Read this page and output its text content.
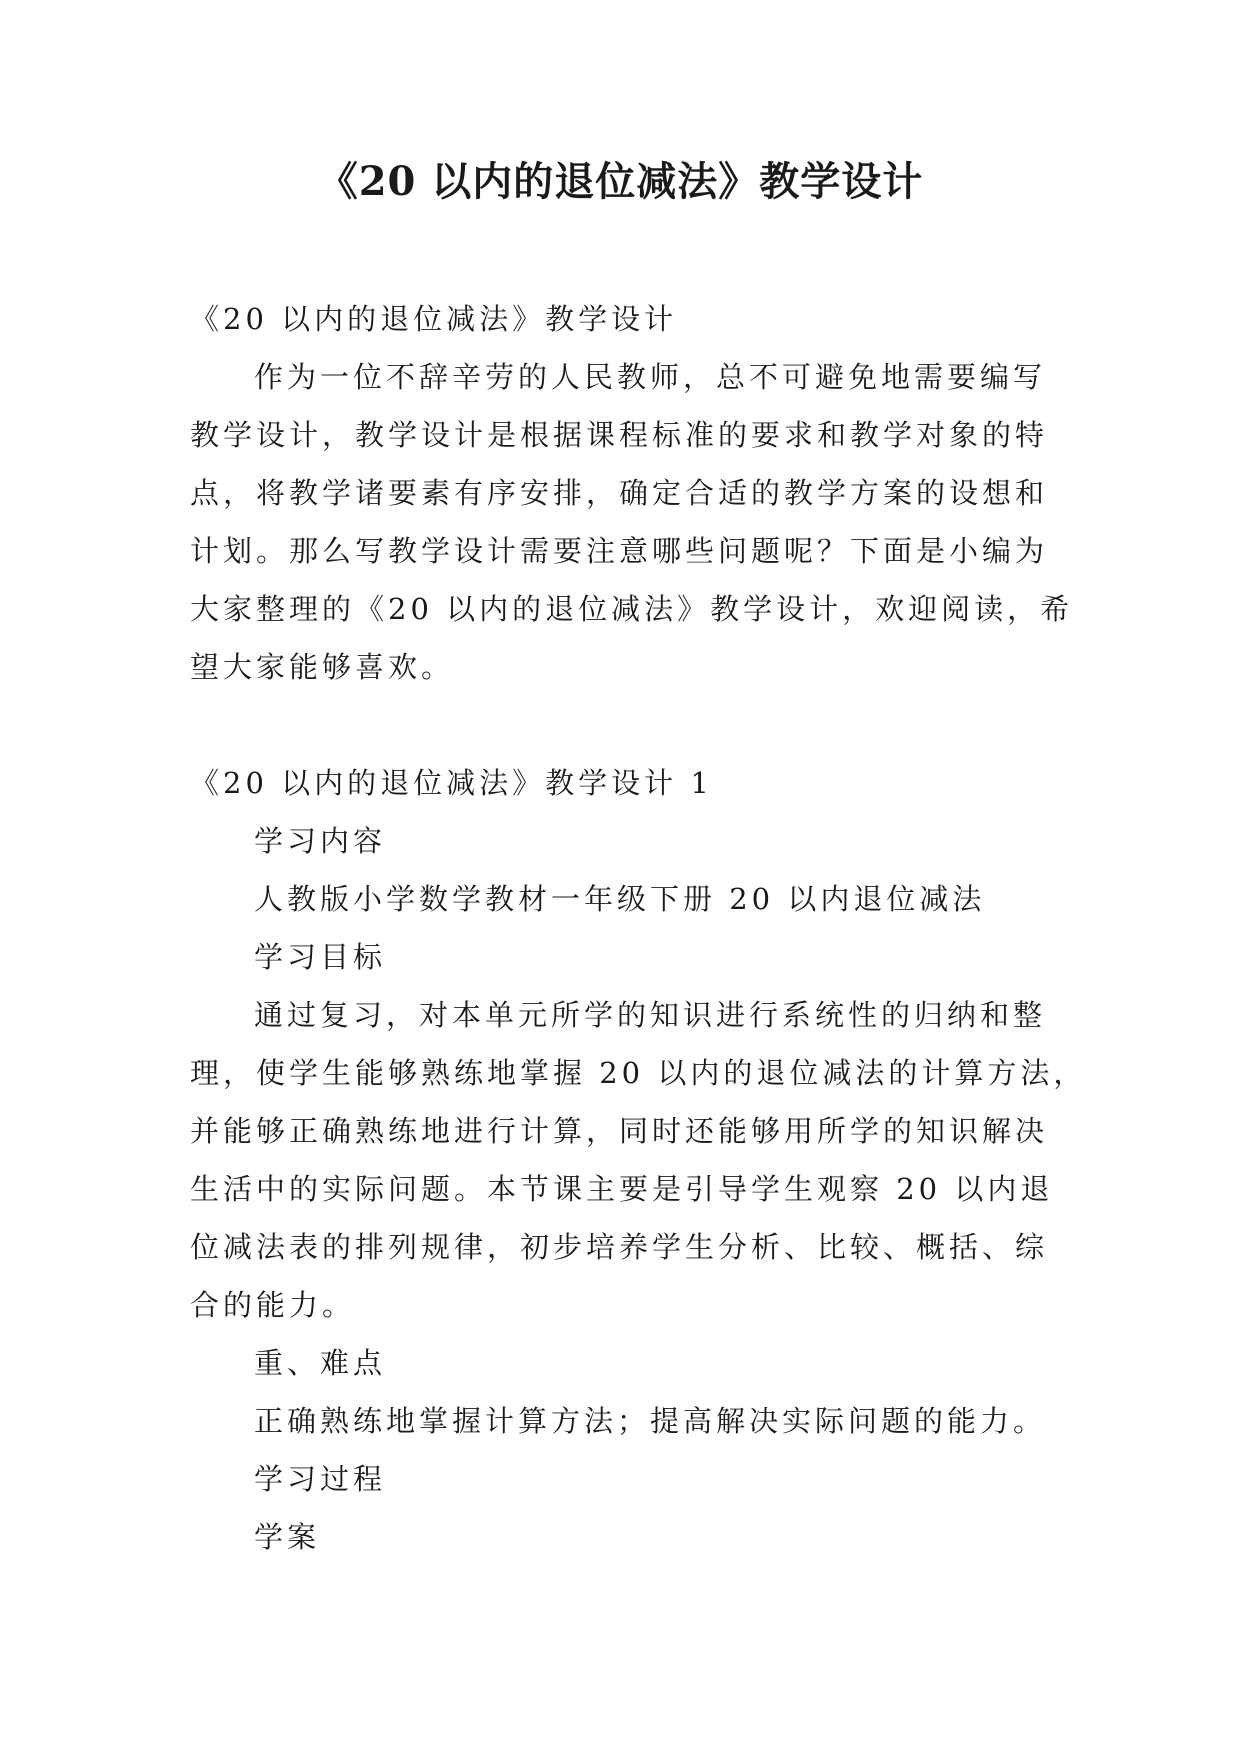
《20 以内的退位减法》教学设计
《20 以内的退位减法》教学设计
作为一位不辞辛劳的人民教师，总不可避免地需要编写
教学设计，教学设计是根据课程标准的要求和教学对象的特
点，将教学诸要素有序安排，确定合适的教学方案的设想和
计划。那么写教学设计需要注意哪些问题呢？下面是小编为
大家整理的《20 以内的退位减法》教学设计，欢迎阅读，希
望大家能够喜欢。
《20 以内的退位减法》教学设计 1
学习内容
人教版小学数学教材一年级下册 20 以内退位减法
学习目标
通过复习，对本单元所学的知识进行系统性的归纳和整
理，使学生能够熟练地掌握 20 以内的退位减法的计算方法，
并能够正确熟练地进行计算，同时还能够用所学的知识解决
生活中的实际问题。本节课主要是引导学生观察 20 以内退
位减法表的排列规律，初步培养学生分析、比较、概括、综
合的能力。
重、难点
正确熟练地掌握计算方法；提高解决实际问题的能力。
学习过程
学案
